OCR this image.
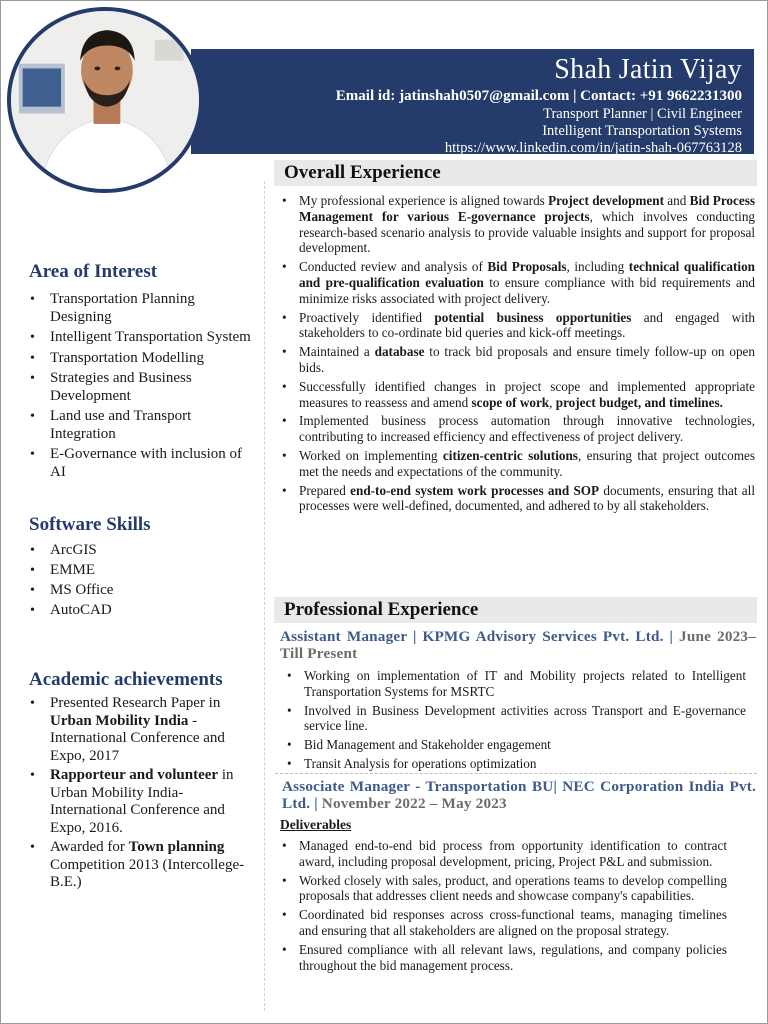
Shah Jatin Vijay
Email id: jatinshah0507@gmail.com | Contact: +91 9662231300
Transport Planner | Civil Engineer
Intelligent Transportation Systems
https://www.linkedin.com/in/jatin-shah-067763128
Area of Interest
• Transportation Planning Designing
• Intelligent Transportation System
• Transportation Modelling
• Strategies and Business Development
• Land use and Transport Integration
• E-Governance with inclusion of AI
Software Skills
• ArcGIS
• EMME
• MS Office
• AutoCAD
Academic achievements
• Presented Research Paper in Urban Mobility India - International Conference and Expo, 2017
• Rapporteur and volunteer in Urban Mobility India- International Conference and Expo, 2016.
• Awarded for Town planning Competition 2013 (Intercollege-B.E.)
Overall Experience
• My professional experience is aligned towards Project development and Bid Process Management for various E-governance projects, which involves conducting research-based scenario analysis to provide valuable insights and support for proposal development.
• Conducted review and analysis of Bid Proposals, including technical qualification and pre-qualification evaluation to ensure compliance with bid requirements and minimize risks associated with project delivery.
• Proactively identified potential business opportunities and engaged with stakeholders to co-ordinate bid queries and kick-off meetings.
• Maintained a database to track bid proposals and ensure timely follow-up on open bids.
• Successfully identified changes in project scope and implemented appropriate measures to reassess and amend scope of work, project budget, and timelines.
• Implemented business process automation through innovative technologies, contributing to increased efficiency and effectiveness of project delivery.
• Worked on implementing citizen-centric solutions, ensuring that project outcomes met the needs and expectations of the community.
• Prepared end-to-end system work processes and SOP documents, ensuring that all processes were well-defined, documented, and adhered to by all stakeholders.
Professional Experience
Assistant Manager | KPMG Advisory Services Pvt. Ltd. | June 2023– Till Present
• Working on implementation of IT and Mobility projects related to Intelligent Transportation Systems for MSRTC
• Involved in Business Development activities across Transport and E-governance service line.
• Bid Management and Stakeholder engagement
• Transit Analysis for operations optimization
Associate Manager - Transportation BU| NEC Corporation India Pvt. Ltd. | November 2022 – May 2023
Deliverables
• Managed end-to-end bid process from opportunity identification to contract award, including proposal development, pricing, Project P&L and submission.
• Worked closely with sales, product, and operations teams to develop compelling proposals that addresses client needs and showcase company's capabilities.
• Coordinated bid responses across cross-functional teams, managing timelines and ensuring that all stakeholders are aligned on the proposal strategy.
• Ensured compliance with all relevant laws, regulations, and company policies throughout the bid management process.
